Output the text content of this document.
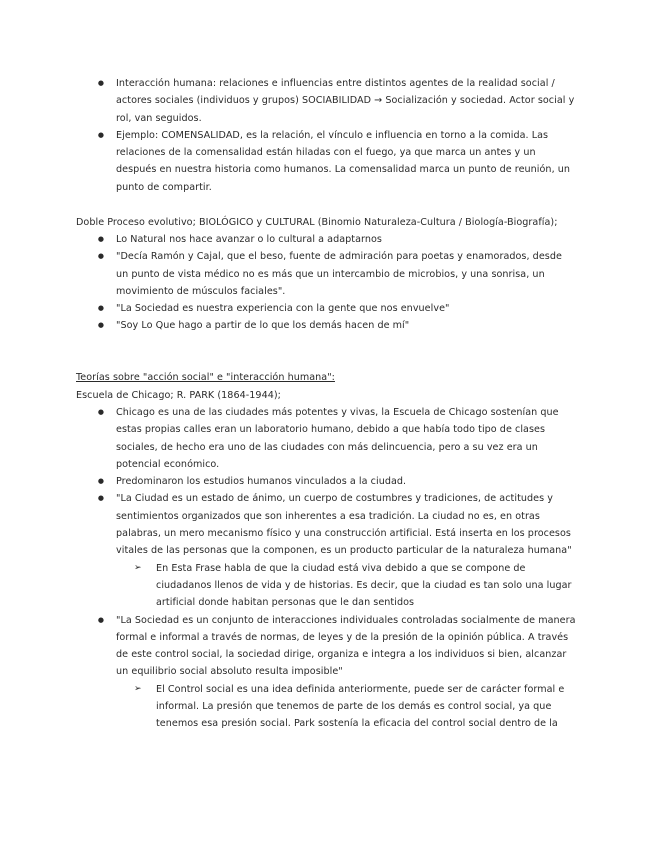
● Interacción humana: relaciones e influencias entre distintos agentes de la realidad social / actores sociales (individuos y grupos) SOCIABILIDAD → Socialización y sociedad. Actor social y rol, van seguidos.
● Ejemplo: COMENSALIDAD, es la relación, el vínculo e influencia en torno a la comida. Las relaciones de la comensalidad están hiladas con el fuego, ya que marca un antes y un después en nuestra historia como humanos. La comensalidad marca un punto de reunión, un punto de compartir.

Doble Proceso evolutivo; BIOLÓGICO y CULTURAL (Binomio Naturaleza-Cultura / Biología-Biografía);

● Lo Natural nos hace avanzar o lo cultural a adaptarnos
● "Decía Ramón y Cajal, que el beso, fuente de admiración para poetas y enamorados, desde un punto de vista médico no es más que un intercambio de microbios, y una sonrisa, un movimiento de músculos faciales".
● "La Sociedad es nuestra experiencia con la gente que nos envuelve"
● "Soy Lo Que hago a partir de lo que los demás hacen de mí"

Teorías sobre "acción social" e "interacción humana":

Escuela de Chicago; R. PARK (1864-1944);

● Chicago es una de las ciudades más potentes y vivas, la Escuela de Chicago sostenían que estas propias calles eran un laboratorio humano, debido a que había todo tipo de clases sociales, de hecho era uno de las ciudades con más delincuencia, pero a su vez era un potencial económico.
● Predominaron los estudios humanos vinculados a la ciudad.
● "La Ciudad es un estado de ánimo, un cuerpo de costumbres y tradiciones, de actitudes y sentimientos organizados que son inherentes a esa tradición. La ciudad no es, en otras palabras, un mero mecanismo físico y una construcción artificial. Está inserta en los procesos vitales de las personas que la componen, es un producto particular de la naturaleza humana"
➢ En Esta Frase habla de que la ciudad está viva debido a que se compone de ciudadanos llenos de vida y de historias. Es decir, que la ciudad es tan solo una lugar artificial donde habitan personas que le dan sentidos
● "La Sociedad es un conjunto de interacciones individuales controladas socialmente de manera formal e informal a través de normas, de leyes y de la presión de la opinión pública. A través de este control social, la sociedad dirige, organiza e integra a los individuos si bien, alcanzar un equilibrio social absoluto resulta imposible"
➢ El Control social es una idea definida anteriormente, puede ser de carácter formal e informal. La presión que tenemos de parte de los demás es control social, ya que tenemos esa presión social. Park sostenía la eficacia del control social dentro de la
